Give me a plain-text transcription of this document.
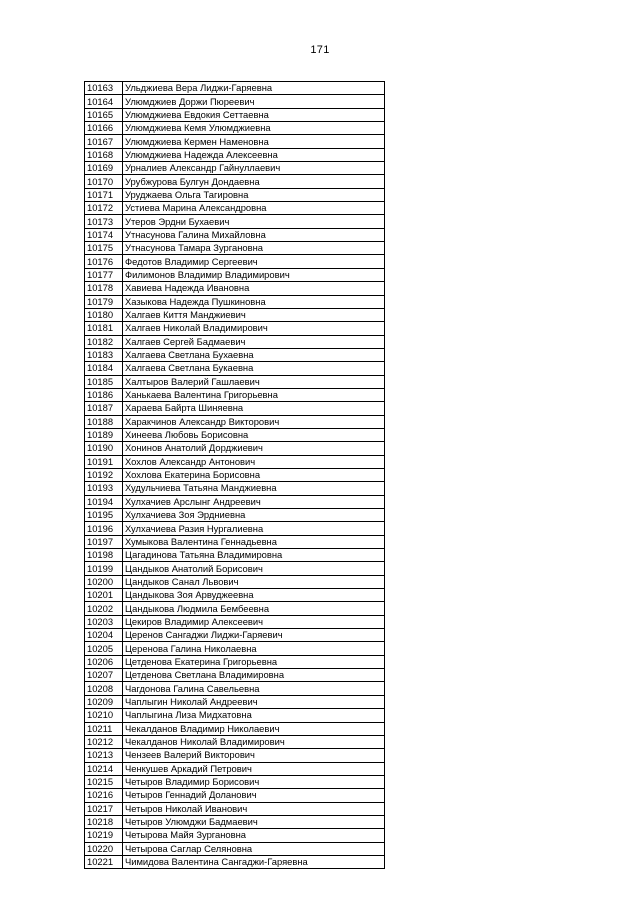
171
10163	Ульджиева Вера Лиджи-Гаряевна
10164	Улюмджиев Доржи Пюреевич
10165	Улюмджиева Евдокия Сеттаевна
10166	Улюмджиева Кемя Улюмджиевна
10167	Улюмджиева Кермен Наменовна
10168	Улюмджиева Надежда Алексеевна
10169	Урналиев Александр Гайнуллаевич
10170	Урубжурова Булгун Дондаевна
10171	Уруджаева Ольга Тагировна
10172	Устиева Марина Александровна
10173	Утеров Эрдни Бухаевич
10174	Утнасунова Галина Михайловна
10175	Утнасунова Тамара Зургановна
10176	Федотов Владимир Сергеевич
10177	Филимонов Владимир Владимирович
10178	Хавиева Надежда Ивановна
10179	Хазыкова Надежда Пушкиновна
10180	Халгаев Киття Манджиевич
10181	Халгаев Николай Владимирович
10182	Халгаев Сергей Бадмаевич
10183	Халгаева Светлана Бухаевна
10184	Халгаева Светлана Букаевна
10185	Халтыров Валерий Гашлаевич
10186	Ханькаева Валентина Григорьевна
10187	Хараева Байрта Шиняевна
10188	Харакчинов Александр Викторович
10189	Хинеева Любовь Борисовна
10190	Хонинов Анатолий Дорджиевич
10191	Хохлов Александр Антонович
10192	Хохлова Екатерина Борисовна
10193	Худульчиева Татьяна Манджиевна
10194	Хулхачиев Арслынг Андреевич
10195	Хулхачиева Зоя Эрдниевна
10196	Хулхачиева Разия Нургалиевна
10197	Хумыкова Валентина Геннадьевна
10198	Цагадинова Татьяна Владимировна
10199	Цандыков Анатолий Борисович
10200	Цандыков Санал Львович
10201	Цандыкова Зоя Арвуджеевна
10202	Цандыкова Людмила Бембеевна
10203	Цекиров Владимир Алексеевич
10204	Церенов Сангаджи Лиджи-Гаряевич
10205	Церенова Галина Николаевна
10206	Цетденова Екатерина Григорьевна
10207	Цетденова Светлана Владимировна
10208	Чагдонова Галина Савельевна
10209	Чаплыгин Николай Андреевич
10210	Чаплыгина Лиза Мидхатовна
10211	Чекалданов Владимир Николаевич
10212	Чекалданов Николай Владимирович
10213	Чензеев Валерий Викторович
10214	Ченкушев Аркадий Петрович
10215	Четыров Владимир Борисович
10216	Четыров Геннадий Доланович
10217	Четыров Николай Иванович
10218	Четыров Улюмджи Бадмаевич
10219	Четырова Майя Зургановна
10220	Четырова Саглар Селяновна
10221	Чимидова Валентина Сангаджи-Гаряевна
